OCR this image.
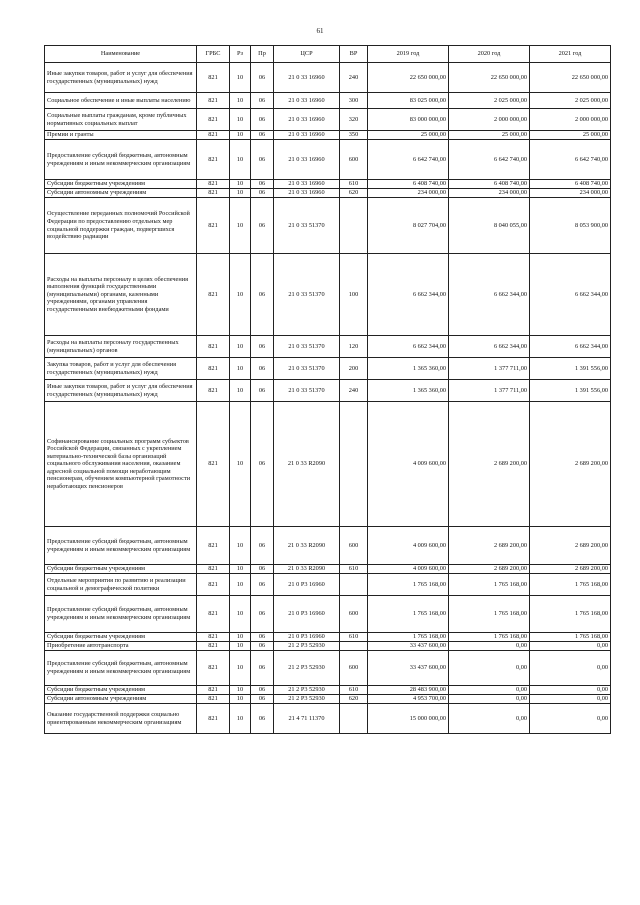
61
Наименование	ГРБС	Рз	Пр	ЦСР	ВР	2019 год	2020 год	2021 год
Иные закупки товаров, работ и услуг для обеспечения государственных (муниципальных) нужд	821	10	06	21 0 33 16960	240	22 650 000,00	22 650 000,00	22 650 000,00
Социальное обеспечение и иные выплаты населению	821	10	06	21 0 33 16960	300	83 025 000,00	2 025 000,00	2 025 000,00
Социальные выплаты гражданам, кроме публичных нормативных социальных выплат	821	10	06	21 0 33 16960	320	83 000 000,00	2 000 000,00	2 000 000,00
Премии и гранты	821	10	06	21 0 33 16960	350	25 000,00	25 000,00	25 000,00
Предоставление субсидий бюджетным, автономным учреждениям и иным некоммерческим организациям	821	10	06	21 0 33 16960	600	6 642 740,00	6 642 740,00	6 642 740,00
Субсидии бюджетным учреждениям	821	10	06	21 0 33 16960	610	6 408 740,00	6 408 740,00	6 408 740,00
Субсидии автономным учреждениям	821	10	06	21 0 33 16960	620	234 000,00	234 000,00	234 000,00
Осуществление переданных полномочий Российской Федерации по предоставлению отдельных мер социальной поддержки граждан, подвергшихся воздействию радиации	821	10	06	21 0 33 51370		8 027 704,00	8 040 055,00	8 053 900,00
Расходы на выплаты персоналу в целях обеспечения выполнения функций государственными (муниципальными) органами, казенными учреждениями, органами управления государственными внебюджетными фондами	821	10	06	21 0 33 51370	100	6 662 344,00	6 662 344,00	6 662 344,00
Расходы на выплаты персоналу государственных (муниципальных) органов	821	10	06	21 0 33 51370	120	6 662 344,00	6 662 344,00	6 662 344,00
Закупка товаров, работ и услуг для обеспечения государственных (муниципальных) нужд	821	10	06	21 0 33 51370	200	1 365 360,00	1 377 711,00	1 391 556,00
Иные закупки товаров, работ и услуг для обеспечения государственных (муниципальных) нужд	821	10	06	21 0 33 51370	240	1 365 360,00	1 377 711,00	1 391 556,00
Софинансирование социальных программ субъектов Российской Федерации, связанных с укреплением материально-технической базы организаций социального обслуживания населения, оказанием адресной социальной помощи неработающим пенсионерам, обучением компьютерной грамотности неработающих пенсионеров	821	10	06	21 0 33 R2090		4 009 600,00	2 689 200,00	2 689 200,00
Предоставление субсидий бюджетным, автономным учреждениям и иным некоммерческим организациям	821	10	06	21 0 33 R2090	600	4 009 600,00	2 689 200,00	2 689 200,00
Субсидии бюджетным учреждениям	821	10	06	21 0 33 R2090	610	4 009 600,00	2 689 200,00	2 689 200,00
Отдельные мероприятия по развитию и реализации социальной и демографической политики	821	10	06	21 0 P3 16960		1 765 168,00	1 765 168,00	1 765 168,00
Предоставление субсидий бюджетным, автономным учреждениям и иным некоммерческим организациям	821	10	06	21 0 P3 16960	600	1 765 168,00	1 765 168,00	1 765 168,00
Субсидии бюджетным учреждениям	821	10	06	21 0 P3 16960	610	1 765 168,00	1 765 168,00	1 765 168,00
Приобретение автотранспорта	821	10	06	21 2 P3 52930		33 437 600,00	0,00	0,00
Предоставление субсидий бюджетным, автономным учреждениям и иным некоммерческим организациям	821	10	06	21 2 P3 52930	600	33 437 600,00	0,00	0,00
Субсидии бюджетным учреждениям	821	10	06	21 2 P3 52930	610	28 483 900,00	0,00	0,00
Субсидии автономным учреждениям	821	10	06	21 2 P3 52930	620	4 953 700,00	0,00	0,00
Оказание государственной поддержки социально ориентированным некоммерческим организациям	821	10	06	21 4 71 11370		15 000 000,00	0,00	0,00
